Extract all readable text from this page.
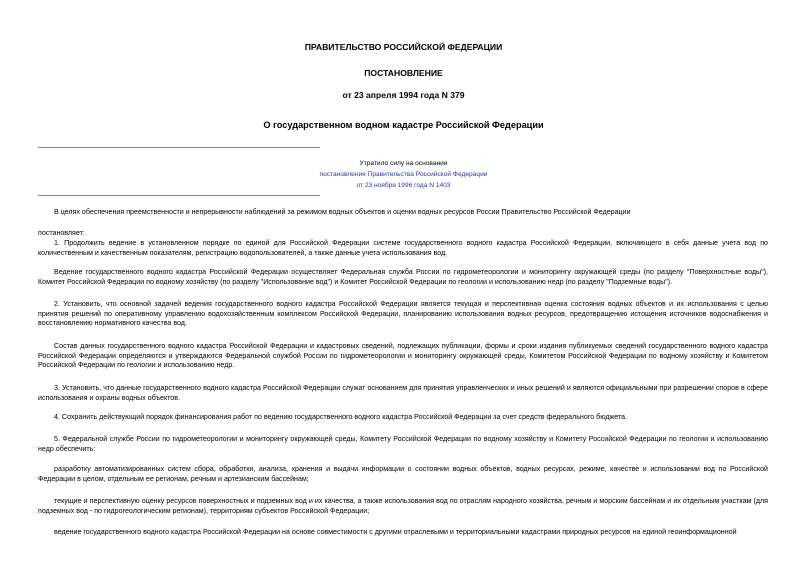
ПРАВИТЕЛЬСТВО РОССИЙСКОЙ ФЕДЕРАЦИИ
ПОСТАНОВЛЕНИЕ
от 23 апреля 1994 года N 379
О государственном водном кадастре Российской Федерации
Утратило силу на основании
постановления Правительства Российской Федерации
от 23 ноября 1996 года N 1403
В целях обеспечения преемственности и непрерывности наблюдений за режимом водных объектов и оценки водных ресурсов России Правительство Российской Федерации
постановляет:
1. Продолжить ведение в установленном порядке по единой для Российской Федерации системе государственного водного кадастра Российской Федерации, включающего в себя данные учета вод по количественным и качественным показателям, регистрацию водопользователей, а также данные учета использования вод.
Ведение государственного водного кадастра Российской Федерации осуществляет Федеральная служба России по гидрометеорологии и мониторингу окружающей среды (по разделу "Поверхностные воды"), Комитет Российской Федерации по водному хозяйству (по разделу "Использование вод") и Комитет Российской Федерации по геологии и использованию недр (по разделу "Подземные воды").
2. Установить, что основной задачей ведения государственного водного кадастра Российской Федерации является текущая и перспективная оценка состояния водных объектов и их использования с целью принятия решений по оперативному управлению водохозяйственным комплексом Российской Федерации, планированию использования водных ресурсов, предотвращению истощения источников водоснабжения и восстановлению нормативного качества вод.
Состав данных государственного водного кадастра Российской Федерации и кадастровых сведений, подлежащих публикации, формы и сроки издания публикуемых сведений государственного водного кадастра Российской Федерации определяются и утверждаются Федеральной службой России по гидрометеорологии и мониторингу окружающей среды, Комитетом Российской Федерации по водному хозяйству и Комитетом Российской Федерации по геологии и использованию недр.
3. Установить, что данные государственного водного кадастра Российской Федерации служат основанием для принятия управленческих и иных решений и являются официальными при разрешении споров в сфере использования и охраны водных объектов.
4. Сохранить действующий порядок финансирования работ по ведению государственного водного кадастра Российской Федерации за счет средств федерального бюджета.
5. Федеральной службе России по гидрометеорологии и мониторингу окружающей среды, Комитету Российской Федерации по водному хозяйству и Комитету Российской Федерации по геологии и использованию недр обеспечить:
разработку автоматизированных систем сбора, обработки, анализа, хранения и выдачи информации о состоянии водных объектов, водных ресурсах, режиме, качестве и использовании вод по Российской Федерации в целом, отдельным ее регионам, речным и артезианским бассейнам;
текущие и перспективную оценку ресурсов поверхностных и подземных вод и их качества, а также использования вод по отраслям народного хозяйства, речным и морским бассейнам и их отдельным участкам (для подземных вод - по гидрогеологическим регионам), территориям субъектов Российской Федерации;
ведение государственного водного кадастра Российской Федерации на основе совместимости с другими отраслевыми и территориальными кадастрами природных ресурсов на единой геоинформационной
